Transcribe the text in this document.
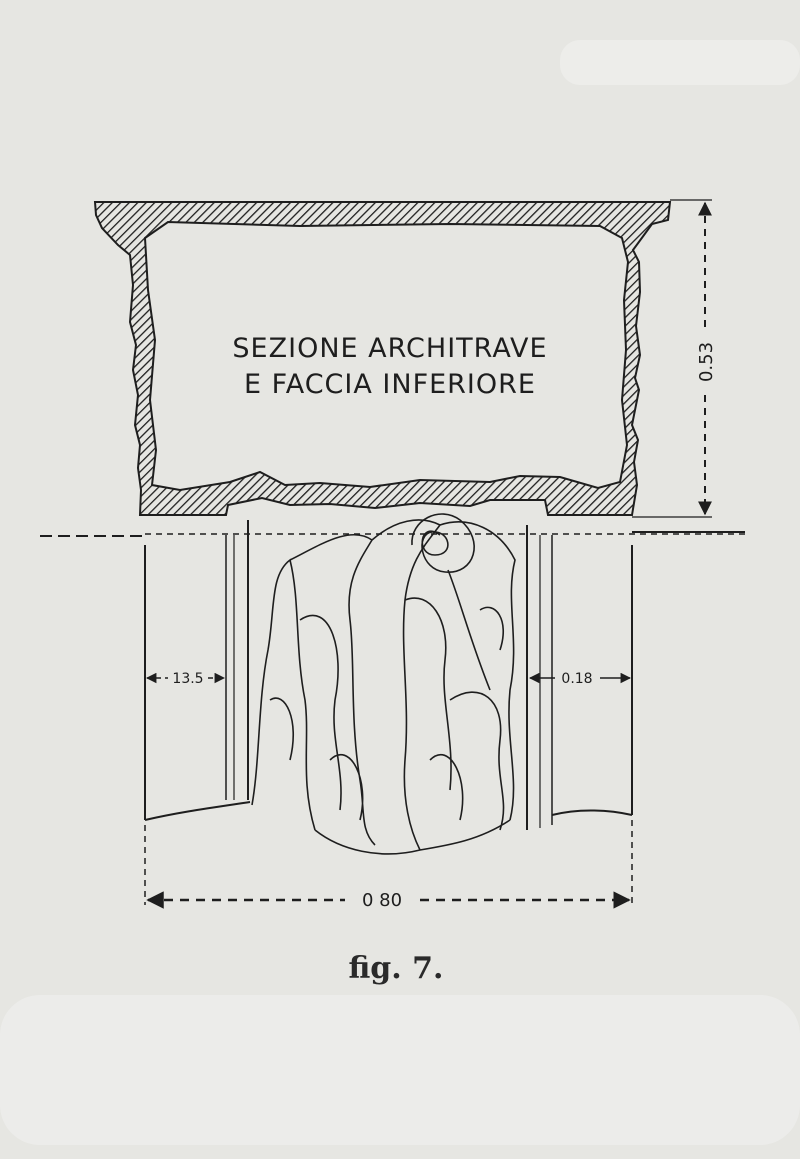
SEZIONE ARCHITRAVE
E FACCIA INFERIORE
0.53
13.5	0.18
0 80
fig. 7.
